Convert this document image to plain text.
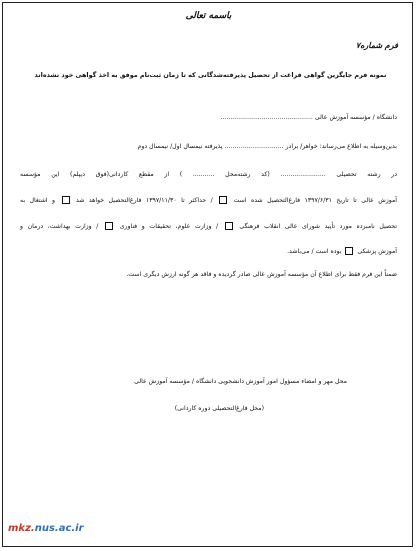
باسمه تعالی
فرم شماره۷
نمونه فرم جایگزین گواهی فراغت از تحصیل پذیرفته‌شدگانی که تا زمان ثبت‌نام موفق به اخذ گواهی خود نشده‌اند
دانشگاه / مؤسسه آموزش عالی ...............................................
بدین‌وسیله به اطلاع می‌رساند: خواهر/ برادر .............................. پذیرفته نیمسال اول/ نیمسال دوم
در رشته تحصیلی ....................... (کد رشته‌محل ........... ) از مقطع کاردانی(فوق دیپلم) این مؤسسه
آموزش عالی تا تاریخ ۱۳۹۷/۶/۳۱ فارغ‌التحصیل شده است  / حداکثر تا ۱۳۹۷/۱۱/۳۰ فارغ‌التحصیل خواهد شد  و اشتغال به
تحصیل نامبرده مورد تأیید شورای عالی انقلاب فرهنگی  / وزارت علوم، تحقیقات و فناوری  / وزارت بهداشت، درمان و
آموزش پزشکی  بوده است / می‌باشد.
ضمناً این فرم فقط برای اطلاع آن مؤسسه آموزش عالی صادر گردیده و فاقد هر گونه ارزش دیگری است.
محل مهر و امضاء مسؤول امور آموزش دانشجویی دانشگاه / مؤسسه آموزش عالی
(محل فارغ‌التحصیلی دوره کاردانی)
mkz.nus.ac.ir
